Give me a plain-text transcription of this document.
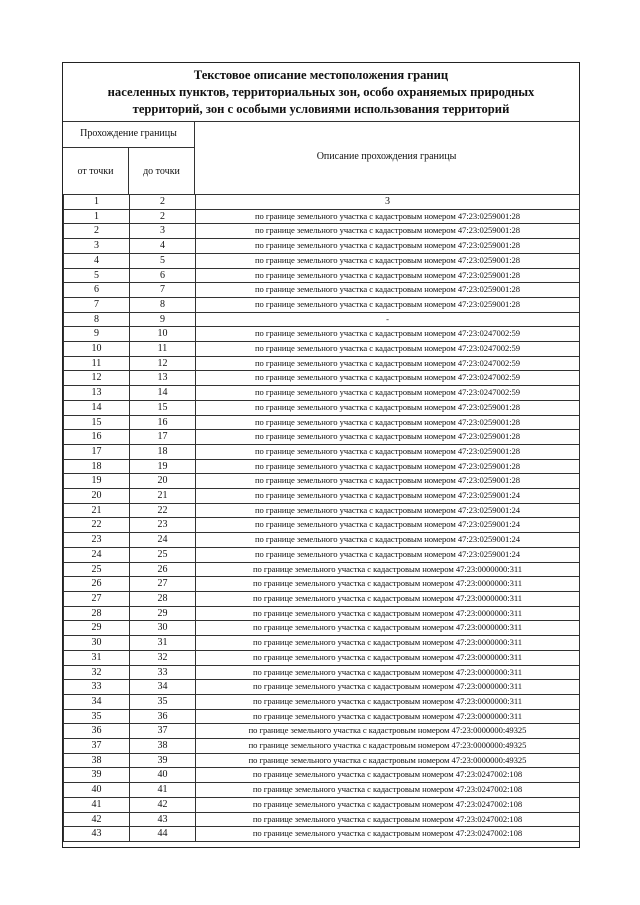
Текстовое описание местоположения границ
населенных пунктов, территориальных зон, особо охраняемых природных
территорий, зон с особыми условиями использования территорий
Прохождение границы
от точки	до точки
Описание прохождения границы
1	2	3
1	2	по границе земельного участка с кадастровым номером 47:23:0259001:28
2	3	по границе земельного участка с кадастровым номером 47:23:0259001:28
3	4	по границе земельного участка с кадастровым номером 47:23:0259001:28
4	5	по границе земельного участка с кадастровым номером 47:23:0259001:28
5	6	по границе земельного участка с кадастровым номером 47:23:0259001:28
6	7	по границе земельного участка с кадастровым номером 47:23:0259001:28
7	8	по границе земельного участка с кадастровым номером 47:23:0259001:28
8	9	-
9	10	по границе земельного участка с кадастровым номером 47:23:0247002:59
10	11	по границе земельного участка с кадастровым номером 47:23:0247002:59
11	12	по границе земельного участка с кадастровым номером 47:23:0247002:59
12	13	по границе земельного участка с кадастровым номером 47:23:0247002:59
13	14	по границе земельного участка с кадастровым номером 47:23:0247002:59
14	15	по границе земельного участка с кадастровым номером 47:23:0259001:28
15	16	по границе земельного участка с кадастровым номером 47:23:0259001:28
16	17	по границе земельного участка с кадастровым номером 47:23:0259001:28
17	18	по границе земельного участка с кадастровым номером 47:23:0259001:28
18	19	по границе земельного участка с кадастровым номером 47:23:0259001:28
19	20	по границе земельного участка с кадастровым номером 47:23:0259001:28
20	21	по границе земельного участка с кадастровым номером 47:23:0259001:24
21	22	по границе земельного участка с кадастровым номером 47:23:0259001:24
22	23	по границе земельного участка с кадастровым номером 47:23:0259001:24
23	24	по границе земельного участка с кадастровым номером 47:23:0259001:24
24	25	по границе земельного участка с кадастровым номером 47:23:0259001:24
25	26	по границе земельного участка с кадастровым номером 47:23:0000000:311
26	27	по границе земельного участка с кадастровым номером 47:23:0000000:311
27	28	по границе земельного участка с кадастровым номером 47:23:0000000:311
28	29	по границе земельного участка с кадастровым номером 47:23:0000000:311
29	30	по границе земельного участка с кадастровым номером 47:23:0000000:311
30	31	по границе земельного участка с кадастровым номером 47:23:0000000:311
31	32	по границе земельного участка с кадастровым номером 47:23:0000000:311
32	33	по границе земельного участка с кадастровым номером 47:23:0000000:311
33	34	по границе земельного участка с кадастровым номером 47:23:0000000:311
34	35	по границе земельного участка с кадастровым номером 47:23:0000000:311
35	36	по границе земельного участка с кадастровым номером 47:23:0000000:311
36	37	по границе земельного участка с кадастровым номером 47:23:0000000:49325
37	38	по границе земельного участка с кадастровым номером 47:23:0000000:49325
38	39	по границе земельного участка с кадастровым номером 47:23:0000000:49325
39	40	по границе земельного участка с кадастровым номером 47:23:0247002:108
40	41	по границе земельного участка с кадастровым номером 47:23:0247002:108
41	42	по границе земельного участка с кадастровым номером 47:23:0247002:108
42	43	по границе земельного участка с кадастровым номером 47:23:0247002:108
43	44	по границе земельного участка с кадастровым номером 47:23:0247002:108
